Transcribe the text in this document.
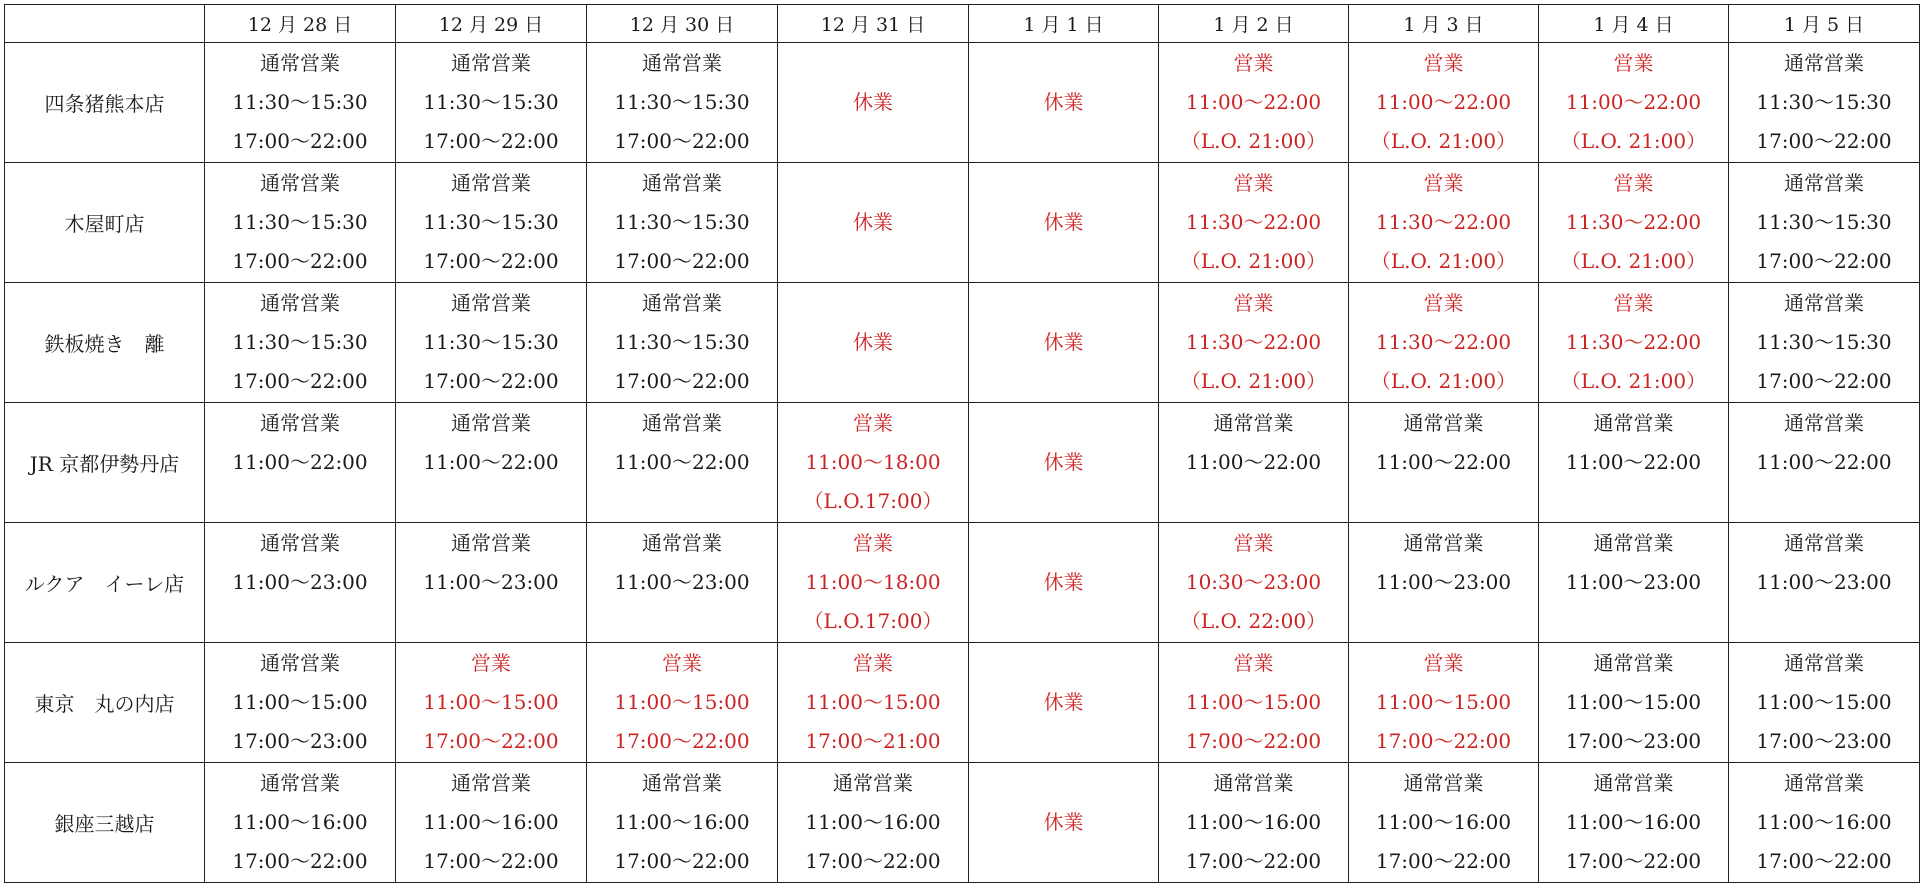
	12 月 28 日	12 月 29 日	12 月 30 日	12 月 31 日	1 月 1 日	1 月 2 日	1 月 3 日	1 月 4 日	1 月 5 日
四条猪熊本店	通常営業
11:30～15:30
17:00～22:00	通常営業
11:30～15:30
17:00～22:00	通常営業
11:30～15:30
17:00～22:00	休業	休業	営業
11:00～22:00
（L.O. 21:00）	営業
11:00～22:00
（L.O. 21:00）	営業
11:00～22:00
（L.O. 21:00）	通常営業
11:30～15:30
17:00～22:00

木屋町店	通常営業
11:30～15:30
17:00～22:00	通常営業
11:30～15:30
17:00～22:00	通常営業
11:30～15:30
17:00～22:00	休業	休業	営業
11:30～22:00
（L.O. 21:00）	営業
11:30～22:00
（L.O. 21:00）	営業
11:30～22:00
（L.O. 21:00）	通常営業
11:30～15:30
17:00～22:00

鉄板焼き　離	通常営業
11:30～15:30
17:00～22:00	通常営業
11:30～15:30
17:00～22:00	通常営業
11:30～15:30
17:00～22:00	休業	休業	営業
11:30～22:00
（L.O. 21:00）	営業
11:30～22:00
（L.O. 21:00）	営業
11:30～22:00
（L.O. 21:00）	通常営業
11:30～15:30
17:00～22:00

JR 京都伊勢丹店	通常営業
11:00～22:00	通常営業
11:00～22:00	通常営業
11:00～22:00	営業
11:00～18:00
（L.O.17:00）	休業	通常営業
11:00～22:00	通常営業
11:00～22:00	通常営業
11:00～22:00	通常営業
11:00～22:00

ルクア　イーレ店	通常営業
11:00～23:00	通常営業
11:00～23:00	通常営業
11:00～23:00	営業
11:00～18:00
（L.O.17:00）	休業	営業
10:30～23:00
（L.O. 22:00）	通常営業
11:00～23:00	通常営業
11:00～23:00	通常営業
11:00～23:00

東京　丸の内店	通常営業
11:00～15:00
17:00～23:00	営業
11:00～15:00
17:00～22:00	営業
11:00～15:00
17:00～22:00	営業
11:00～15:00
17:00～21:00	休業	営業
11:00～15:00
17:00～22:00	営業
11:00～15:00
17:00～22:00	通常営業
11:00～15:00
17:00～23:00	通常営業
11:00～15:00
17:00～23:00

銀座三越店	通常営業
11:00～16:00
17:00～22:00	通常営業
11:00～16:00
17:00～22:00	通常営業
11:00～16:00
17:00～22:00	通常営業
11:00～16:00
17:00～22:00	休業	通常営業
11:00～16:00
17:00～22:00	通常営業
11:00～16:00
17:00～22:00	通常営業
11:00～16:00
17:00～22:00	通常営業
11:00～16:00
17:00～22:00
